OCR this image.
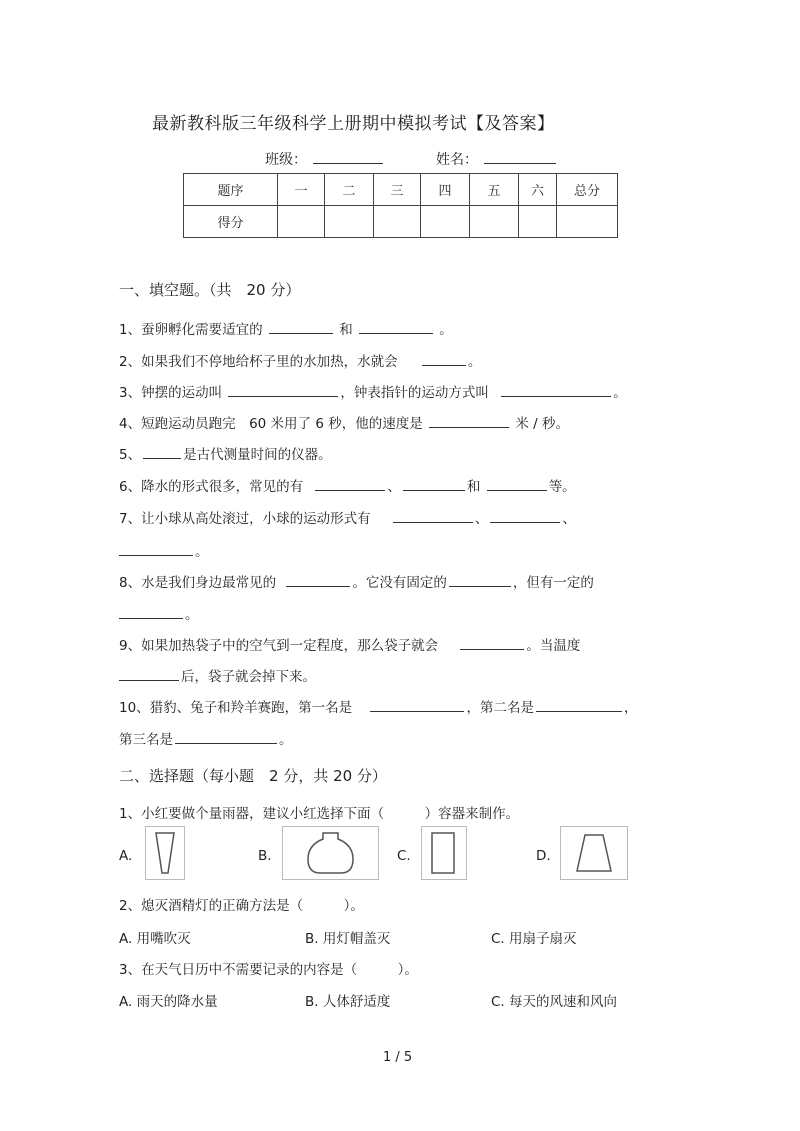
最新教科版三年级科学上册期中模拟考试【及答案】
班级：	姓名：
题序	一	二	三	四	五	六	总分
得分							
一、填空题。（共　20 分）
1、蚕卵孵化需要适宜的	和	。
2、如果我们不停地给杯子里的水加热，水就会	。
3、钟摆的运动叫	，钟表指针的运动方式叫	。
4、短跑运动员跑完　60 米用了 6 秒，他的速度是	米 / 秒。
5、	是古代测量时间的仪器。
6、降水的形式很多，常见的有	、	和	等。
7、让小球从高处滚过，小球的运动形式有	、	、
。
8、水是我们身边最常见的	。它没有固定的	，但有一定的
。
9、如果加热袋子中的空气到一定程度，那么袋子就会	。当温度
后，袋子就会掉下来。
10、猎豹、兔子和羚羊赛跑，第一名是	，第二名是	，
第三名是	。
二、选择题（每小题　2 分，共 20 分）
1、小红要做个量雨器，建议小红选择下面（　　　）容器来制作。
A.	B.	C.	D.
2、熄灭酒精灯的正确方法是（　　　）。
A. 用嘴吹灭	B. 用灯帽盖灭	C. 用扇子扇灭
3、在天气日历中不需要记录的内容是（　　　）。
A. 雨天的降水量	B. 人体舒适度	C. 每天的风速和风向
1 / 5
